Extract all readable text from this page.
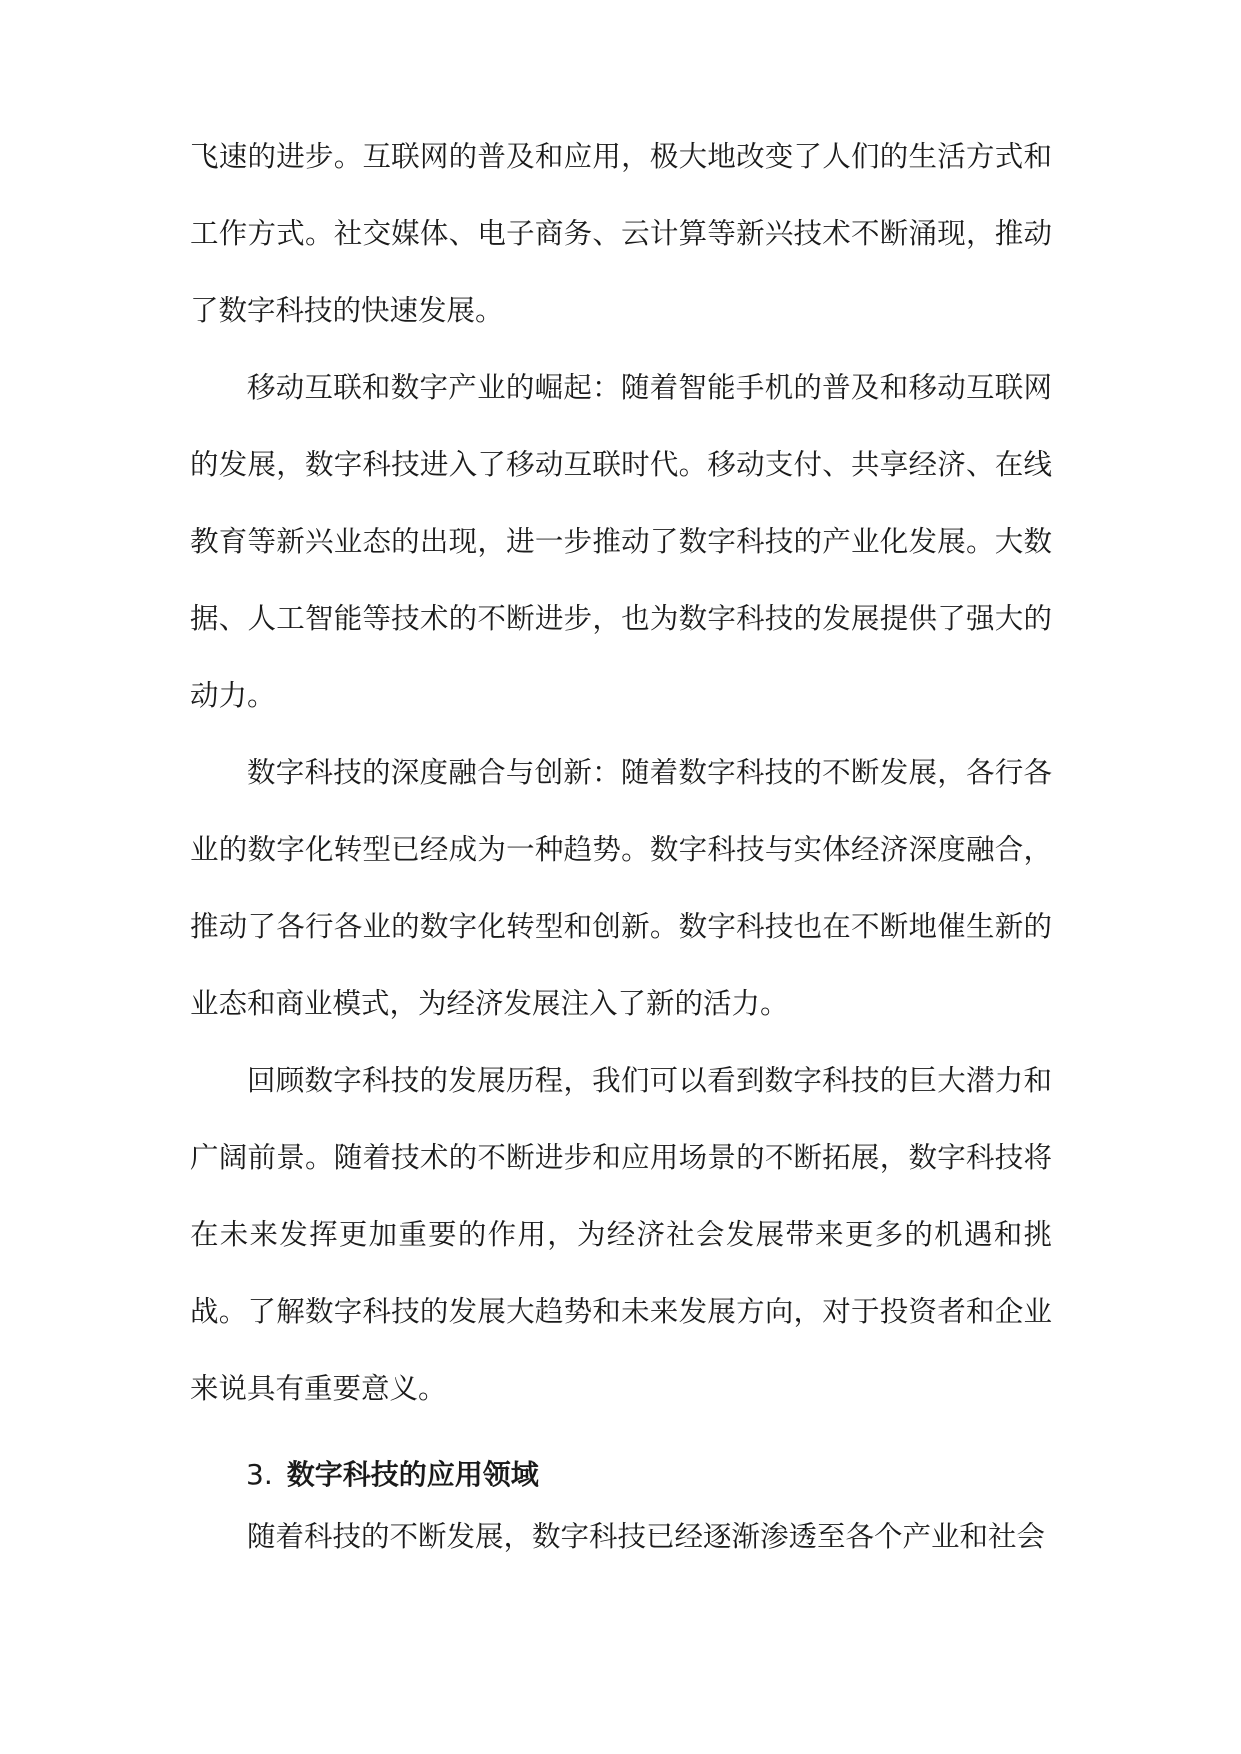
飞速的进步。互联网的普及和应用，极大地改变了人们的生活方式和工作方式。社交媒体、电子商务、云计算等新兴技术不断涌现，推动了数字科技的快速发展。

移动互联和数字产业的崛起：随着智能手机的普及和移动互联网的发展，数字科技进入了移动互联时代。移动支付、共享经济、在线教育等新兴业态的出现，进一步推动了数字科技的产业化发展。大数据、人工智能等技术的不断进步，也为数字科技的发展提供了强大的动力。

数字科技的深度融合与创新：随着数字科技的不断发展，各行各业的数字化转型已经成为一种趋势。数字科技与实体经济深度融合，推动了各行各业的数字化转型和创新。数字科技也在不断地催生新的业态和商业模式，为经济发展注入了新的活力。

回顾数字科技的发展历程，我们可以看到数字科技的巨大潜力和广阔前景。随着技术的不断进步和应用场景的不断拓展，数字科技将在未来发挥更加重要的作用，为经济社会发展带来更多的机遇和挑战。了解数字科技的发展大趋势和未来发展方向，对于投资者和企业来说具有重要意义。

3. 数字科技的应用领域

随着科技的不断发展，数字科技已经逐渐渗透至各个产业和社会
